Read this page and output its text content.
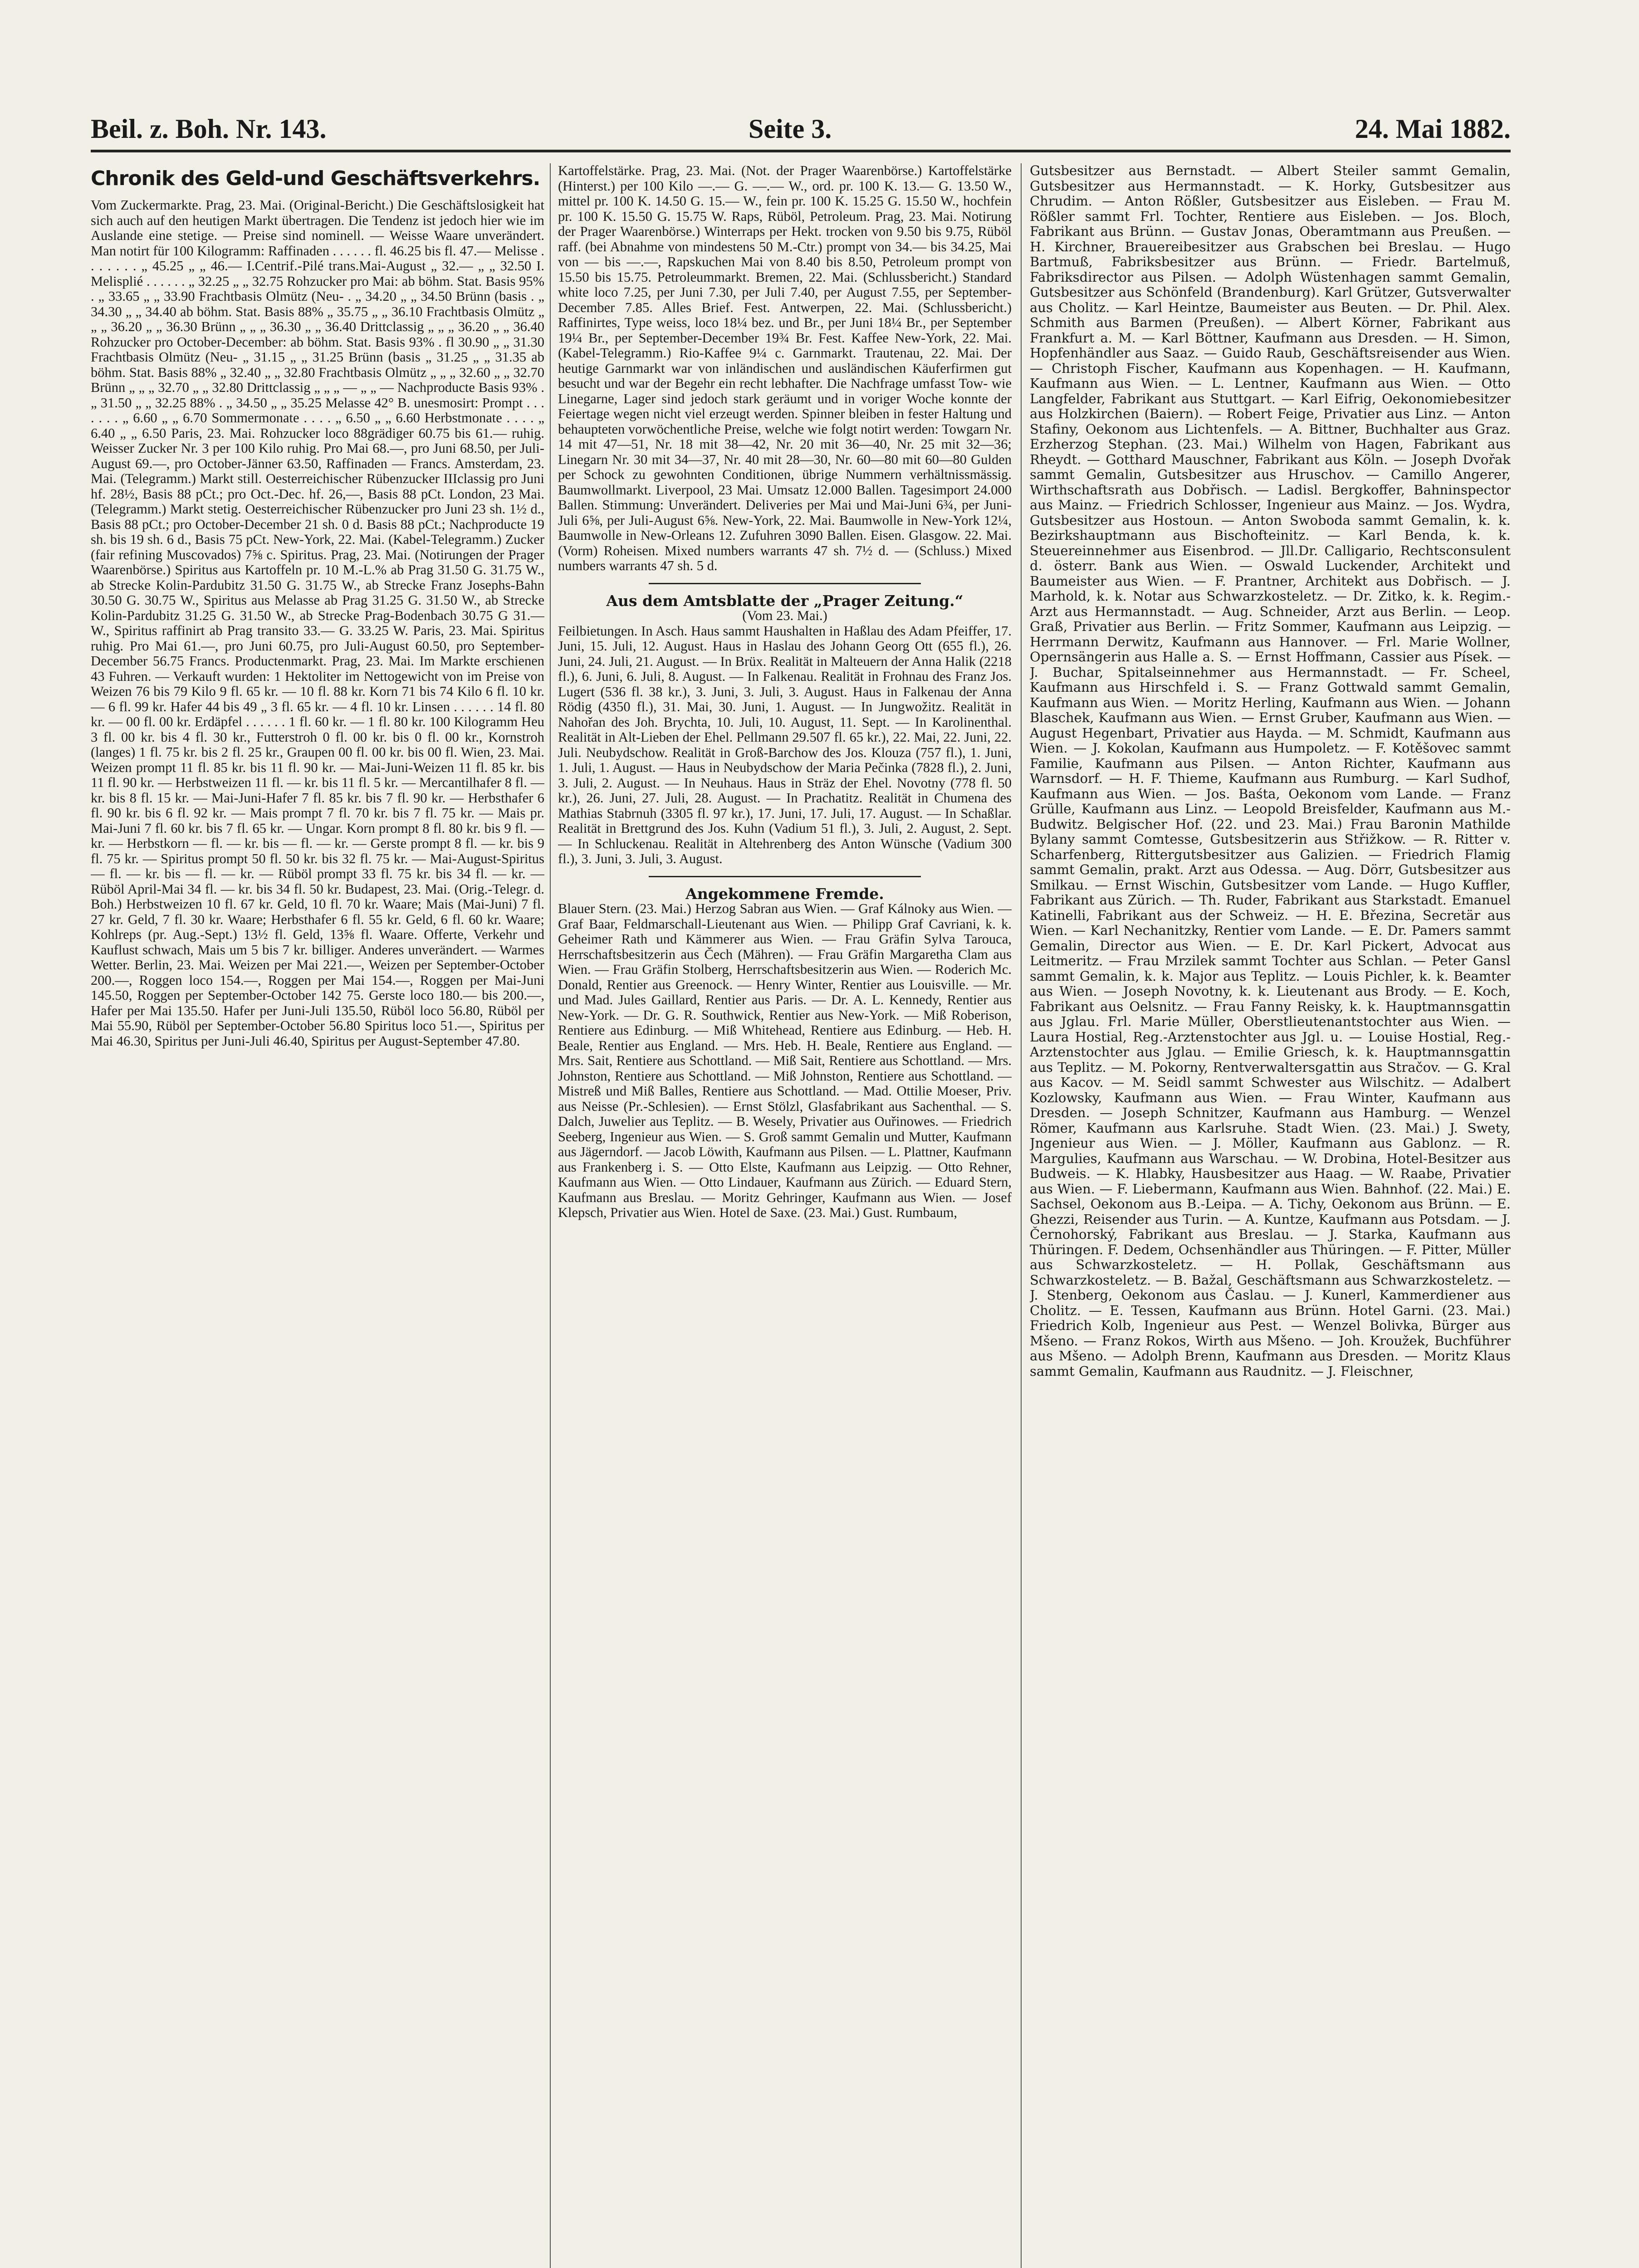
Beil. z. Boh. Nr. 143.	Seite 3.	24. Mai 1882.

Chronik des Geld-und Geschäftsverkehrs.

Vom Zuckermarkte. Prag, 23. Mai. (Original-Bericht.) Die Geschäftslosigkeit hat sich auch auf den heutigen Markt übertragen. Die Tendenz ist jedoch hier wie im Auslande eine stetige. — Preise sind nominell. — Weisse Waare unverändert. Man notirt für 100 Kilogramm: Raffinaden . . . . . . fl. 46.25 bis fl. 47.— Melisse . . . . . . . „ 45.25 „ „ 46.— I.Centrif.-Pilé trans.Mai-August „ 32.— „ „ 32.50 I. Melisplié . . . . . . „ 32.25 „ „ 32.75 Rohzucker pro Mai: ab böhm. Stat. Basis 95% . „ 33.65 „ „ 33.90 Frachtbasis Olmütz (Neu- . „ 34.20 „ „ 34.50 Brünn (basis . „ 34.30 „ „ 34.40 ab böhm. Stat. Basis 88% „ 35.75 „ „ 36.10 Frachtbasis Olmütz „ „ „ 36.20 „ „ 36.30 Brünn „ „ „ 36.30 „ „ 36.40 Drittclassig „ „ „ 36.20 „ „ 36.40 Rohzucker pro October-December: ab böhm. Stat. Basis 93% . fl 30.90 „ „ 31.30 Frachtbasis Olmütz (Neu- „ 31.15 „ „ 31.25 Brünn (basis „ 31.25 „ „ 31.35 ab böhm. Stat. Basis 88% „ 32.40 „ „ 32.80 Frachtbasis Olmütz „ „ „ 32.60 „ „ 32.70 Brünn „ „ „ 32.70 „ „ 32.80 Drittclassig „ „ „ — „ „ — Nachproducte Basis 93% . „ 31.50 „ „ 32.25 88% . „ 34.50 „ „ 35.25 Melasse 42° B. unesmosirt: Prompt . . . . . . . „ 6.60 „ „ 6.70 Sommermonate . . . . „ 6.50 „ „ 6.60 Herbstmonate . . . . „ 6.40 „ „ 6.50 Paris, 23. Mai. Rohzucker loco 88grädiger 60.75 bis 61.— ruhig. Weisser Zucker Nr. 3 per 100 Kilo ruhig. Pro Mai 68.—, pro Juni 68.50, per Juli-August 69.—, pro October-Jänner 63.50, Raffinaden — Francs. Amsterdam, 23. Mai. (Telegramm.) Markt still. Oesterreichischer Rübenzucker IIIclassig pro Juni hf. 28½, Basis 88 pCt.; pro Oct.-Dec. hf. 26,—, Basis 88 pCt. London, 23 Mai. (Telegramm.) Markt stetig. Oesterreichischer Rübenzucker pro Juni 23 sh. 1½ d., Basis 88 pCt.; pro October-December 21 sh. 0 d. Basis 88 pCt.; Nachproducte 19 sh. bis 19 sh. 6 d., Basis 75 pCt. New-York, 22. Mai. (Kabel-Telegramm.) Zucker (fair refining Muscovados) 7⅝ c. Spiritus. Prag, 23. Mai. (Notirungen der Prager Waarenbörse.) Spiritus aus Kartoffeln pr. 10 M.-L.% ab Prag 31.50 G. 31.75 W., ab Strecke Kolin-Pardubitz 31.50 G. 31.75 W., ab Strecke Franz Josephs-Bahn 30.50 G. 30.75 W., Spiritus aus Melasse ab Prag 31.25 G. 31.50 W., ab Strecke Kolin-Pardubitz 31.25 G. 31.50 W., ab Strecke Prag-Bodenbach 30.75 G 31.— W., Spiritus raffinirt ab Prag transito 33.— G. 33.25 W. Paris, 23. Mai. Spiritus ruhig. Pro Mai 61.—, pro Juni 60.75, pro Juli-August 60.50, pro September-December 56.75 Francs. Productenmarkt. Prag, 23. Mai. Im Markte erschienen 43 Fuhren. — Verkauft wurden: 1 Hektoliter im Nettogewicht von im Preise von Weizen 76 bis 79 Kilo 9 fl. 65 kr. — 10 fl. 88 kr. Korn 71 bis 74 Kilo 6 fl. 10 kr. — 6 fl. 99 kr. Hafer 44 bis 49 „ 3 fl. 65 kr. — 4 fl. 10 kr. Linsen . . . . . . 14 fl. 80 kr. — 00 fl. 00 kr. Erdäpfel . . . . . . 1 fl. 60 kr. — 1 fl. 80 kr. 100 Kilogramm Heu 3 fl. 00 kr. bis 4 fl. 30 kr., Futterstroh 0 fl. 00 kr. bis 0 fl. 00 kr., Kornstroh (langes) 1 fl. 75 kr. bis 2 fl. 25 kr., Graupen 00 fl. 00 kr. bis 00 fl. Wien, 23. Mai. Weizen prompt 11 fl. 85 kr. bis 11 fl. 90 kr. — Mai-Juni-Weizen 11 fl. 85 kr. bis 11 fl. 90 kr. — Herbstweizen 11 fl. — kr. bis 11 fl. 5 kr. — Mercantilhafer 8 fl. — kr. bis 8 fl. 15 kr. — Mai-Juni-Hafer 7 fl. 85 kr. bis 7 fl. 90 kr. — Herbsthafer 6 fl. 90 kr. bis 6 fl. 92 kr. — Mais prompt 7 fl. 70 kr. bis 7 fl. 75 kr. — Mais pr. Mai-Juni 7 fl. 60 kr. bis 7 fl. 65 kr. — Ungar. Korn prompt 8 fl. 80 kr. bis 9 fl. — kr. — Herbstkorn — fl. — kr. bis — fl. — kr. — Gerste prompt 8 fl. — kr. bis 9 fl. 75 kr. — Spiritus prompt 50 fl. 50 kr. bis 32 fl. 75 kr. — Mai-August-Spiritus — fl. — kr. bis — fl. — kr. — Rüböl prompt 33 fl. 75 kr. bis 34 fl. — kr. — Rüböl April-Mai 34 fl. — kr. bis 34 fl. 50 kr. Budapest, 23. Mai. (Orig.-Telegr. d. Boh.) Herbstweizen 10 fl. 67 kr. Geld, 10 fl. 70 kr. Waare; Mais (Mai-Juni) 7 fl. 27 kr. Geld, 7 fl. 30 kr. Waare; Herbsthafer 6 fl. 55 kr. Geld, 6 fl. 60 kr. Waare; Kohlreps (pr. Aug.-Sept.) 13½ fl. Geld, 13⅝ fl. Waare. Offerte, Verkehr und Kauflust schwach, Mais um 5 bis 7 kr. billiger. Anderes unverändert. — Warmes Wetter. Berlin, 23. Mai. Weizen per Mai 221.—, Weizen per September-October 200.—, Roggen loco 154.—, Roggen per Mai 154.—, Roggen per Mai-Juni 145.50, Roggen per September-October 142 75. Gerste loco 180.— bis 200.—, Hafer per Mai 135.50. Hafer per Juni-Juli 135.50, Rüböl loco 56.80, Rüböl per Mai 55.90, Rüböl per September-October 56.80 Spiritus loco 51.—, Spiritus per Mai 46.30, Spiritus per Juni-Juli 46.40, Spiritus per August-September 47.80.

Kartoffelstärke. Prag, 23. Mai. (Not. der Prager Waarenbörse.) Kartoffelstärke (Hinterst.) per 100 Kilo —.— G. —.— W., ord. pr. 100 K. 13.— G. 13.50 W., mittel pr. 100 K. 14.50 G. 15.— W., fein pr. 100 K. 15.25 G. 15.50 W., hochfein pr. 100 K. 15.50 G. 15.75 W. Raps, Rüböl, Petroleum. Prag, 23. Mai. Notirung der Prager Waarenbörse.) Winterraps per Hekt. trocken von 9.50 bis 9.75, Rüböl raff. (bei Abnahme von mindestens 50 M.-Ctr.) prompt von 34.— bis 34.25, Mai von — bis —.—, Rapskuchen Mai von 8.40 bis 8.50, Petroleum prompt von 15.50 bis 15.75. Petroleummarkt. Bremen, 22. Mai. (Schlussbericht.) Standard white loco 7.25, per Juni 7.30, per Juli 7.40, per August 7.55, per September-December 7.85. Alles Brief. Fest. Antwerpen, 22. Mai. (Schlussbericht.) Raffinirtes, Type weiss, loco 18¼ bez. und Br., per Juni 18¼ Br., per September 19¼ Br., per September-December 19¾ Br. Fest. Kaffee New-York, 22. Mai. (Kabel-Telegramm.) Rio-Kaffee 9¼ c. Garnmarkt. Trautenau, 22. Mai. Der heutige Garnmarkt war von inländischen und ausländischen Käuferfirmen gut besucht und war der Begehr ein recht lebhafter. Die Nachfrage umfasst Tow- wie Linegarne, Lager sind jedoch stark geräumt und in voriger Woche konnte der Feiertage wegen nicht viel erzeugt werden. Spinner bleiben in fester Haltung und behaupteten vorwöchentliche Preise, welche wie folgt notirt werden: Towgarn Nr. 14 mit 47—51, Nr. 18 mit 38—42, Nr. 20 mit 36—40, Nr. 25 mit 32—36; Linegarn Nr. 30 mit 34—37, Nr. 40 mit 28—30, Nr. 60—80 mit 60—80 Gulden per Schock zu gewohnten Conditionen, übrige Nummern verhältnissmässig. Baumwollmarkt. Liverpool, 23 Mai. Umsatz 12.000 Ballen. Tagesimport 24.000 Ballen. Stimmung: Unverändert. Deliveries per Mai und Mai-Juni 6¾, per Juni-Juli 6⅝, per Juli-August 6⅝. New-York, 22. Mai. Baumwolle in New-York 12¼, Baumwolle in New-Orleans 12. Zufuhren 3090 Ballen. Eisen. Glasgow. 22. Mai. (Vorm) Roheisen. Mixed numbers warrants 47 sh. 7½ d. — (Schluss.) Mixed numbers warrants 47 sh. 5 d.

Aus dem Amtsblatte der „Prager Zeitung.“

(Vom 23. Mai.)

Feilbietungen. In Asch. Haus sammt Haushalten in Haßlau des Adam Pfeiffer, 17. Juni, 15. Juli, 12. August. Haus in Haslau des Johann Georg Ott (655 fl.), 26. Juni, 24. Juli, 21. August. — In Brüx. Realität in Malteuern der Anna Halik (2218 fl.), 6. Juni, 6. Juli, 8. August. — In Falkenau. Realität in Frohnau des Franz Jos. Lugert (536 fl. 38 kr.), 3. Juni, 3. Juli, 3. August. Haus in Falkenau der Anna Rödig (4350 fl.), 31. Mai, 30. Juni, 1. August. — In Jungwožitz. Realität in Nahořan des Joh. Brychta, 10. Juli, 10. August, 11. Sept. — In Karolinenthal. Realität in Alt-Lieben der Ehel. Pellmann 29.507 fl. 65 kr.), 22. Mai, 22. Juni, 22. Juli. Neubydschow. Realität in Groß-Barchow des Jos. Klouza (757 fl.), 1. Juni, 1. Juli, 1. August. — Haus in Neubydschow der Maria Pečinka (7828 fl.), 2. Juni, 3. Juli, 2. August. — In Neuhaus. Haus in Sträz der Ehel. Novotny (778 fl. 50 kr.), 26. Juni, 27. Juli, 28. August. — In Prachatitz. Realität in Chumena des Mathias Stabrnuh (3305 fl. 97 kr.), 17. Juni, 17. Juli, 17. August. — In Schaßlar. Realität in Brettgrund des Jos. Kuhn (Vadium 51 fl.), 3. Juli, 2. August, 2. Sept. — In Schluckenau. Realität in Altehrenberg des Anton Wünsche (Vadium 300 fl.), 3. Juni, 3. Juli, 3. August.

Angekommene Fremde.

Blauer Stern. (23. Mai.) Herzog Sabran aus Wien. — Graf Kálnoky aus Wien. — Graf Baar, Feldmarschall-Lieutenant aus Wien. — Philipp Graf Cavriani, k. k. Geheimer Rath und Kämmerer aus Wien. — Frau Gräfin Sylva Tarouca, Herrschaftsbesitzerin aus Čech (Mähren). — Frau Gräfin Margaretha Clam aus Wien. — Frau Gräfin Stolberg, Herrschaftsbesitzerin aus Wien. — Roderich Mc. Donald, Rentier aus Greenock. — Henry Winter, Rentier aus Louisville. — Mr. und Mad. Jules Gaillard, Rentier aus Paris. — Dr. A. L. Kennedy, Rentier aus New-York. — Dr. G. R. Southwick, Rentier aus New-York. — Miß Roberison, Rentiere aus Edinburg. — Miß Whitehead, Rentiere aus Edinburg. — Heb. H. Beale, Rentier aus England. — Mrs. Heb. H. Beale, Rentiere aus England. — Mrs. Sait, Rentiere aus Schottland. — Miß Sait, Rentiere aus Schottland. — Mrs. Johnston, Rentiere aus Schottland. — Miß Johnston, Rentiere aus Schottland. — Mistreß und Miß Balles, Rentiere aus Schottland. — Mad. Ottilie Moeser, Priv. aus Neisse (Pr.-Schlesien). — Ernst Stölzl, Glasfabrikant aus Sachenthal. — S. Dalch, Juwelier aus Teplitz. — B. Wesely, Privatier aus Ouřinowes. — Friedrich Seeberg, Ingenieur aus Wien. — S. Groß sammt Gemalin und Mutter, Kaufmann aus Jägerndorf. — Jacob Löwith, Kaufmann aus Pilsen. — L. Plattner, Kaufmann aus Frankenberg i. S. — Otto Elste, Kaufmann aus Leipzig. — Otto Rehner, Kaufmann aus Wien. — Otto Lindauer, Kaufmann aus Zürich. — Eduard Stern, Kaufmann aus Breslau. — Moritz Gehringer, Kaufmann aus Wien. — Josef Klepsch, Privatier aus Wien. Hotel de Saxe. (23. Mai.) Gust. Rumbaum,

Gutsbesitzer aus Bernstadt. — Albert Steiler sammt Gemalin, Gutsbesitzer aus Hermannstadt. — K. Horky, Gutsbesitzer aus Chrudim. — Anton Rößler, Gutsbesitzer aus Eisleben. — Frau M. Rößler sammt Frl. Tochter, Rentiere aus Eisleben. — Jos. Bloch, Fabrikant aus Brünn. — Gustav Jonas, Oberamtmann aus Preußen. — H. Kirchner, Brauereibesitzer aus Grabschen bei Breslau. — Hugo Bartmuß, Fabriksbesitzer aus Brünn. — Friedr. Bartelmuß, Fabriksdirector aus Pilsen. — Adolph Wüstenhagen sammt Gemalin, Gutsbesitzer aus Schönfeld (Brandenburg). Karl Grützer, Gutsverwalter aus Cholitz. — Karl Heintze, Baumeister aus Beuten. — Dr. Phil. Alex. Schmith aus Barmen (Preußen). — Albert Körner, Fabrikant aus Frankfurt a. M. — Karl Böttner, Kaufmann aus Dresden. — H. Simon, Hopfenhändler aus Saaz. — Guido Raub, Geschäftsreisender aus Wien. — Christoph Fischer, Kaufmann aus Kopenhagen. — H. Kaufmann, Kaufmann aus Wien. — L. Lentner, Kaufmann aus Wien. — Otto Langfelder, Fabrikant aus Stuttgart. — Karl Eifrig, Oekonomiebesitzer aus Holzkirchen (Baiern). — Robert Feige, Privatier aus Linz. — Anton Stafiny, Oekonom aus Lichtenfels. — A. Bittner, Buchhalter aus Graz. Erzherzog Stephan. (23. Mai.) Wilhelm von Hagen, Fabrikant aus Rheydt. — Gotthard Mauschner, Fabrikant aus Köln. — Joseph Dvořak sammt Gemalin, Gutsbesitzer aus Hruschov. — Camillo Angerer, Wirthschaftsrath aus Dobřisch. — Ladisl. Bergkoffer, Bahninspector aus Mainz. — Friedrich Schlosser, Ingenieur aus Mainz. — Jos. Wydra, Gutsbesitzer aus Hostoun. — Anton Swoboda sammt Gemalin, k. k. Bezirkshauptmann aus Bischofteinitz. — Karl Benda, k. k. Steuereinnehmer aus Eisenbrod. — Jll.Dr. Calligario, Rechtsconsulent d. österr. Bank aus Wien. — Oswald Luckender, Architekt und Baumeister aus Wien. — F. Prantner, Architekt aus Dobřisch. — J. Marhold, k. k. Notar aus Schwarzkosteletz. — Dr. Zitko, k. k. Regim.-Arzt aus Hermannstadt. — Aug. Schneider, Arzt aus Berlin. — Leop. Graß, Privatier aus Berlin. — Fritz Sommer, Kaufmann aus Leipzig. — Herrmann Derwitz, Kaufmann aus Hannover. — Frl. Marie Wollner, Opernsängerin aus Halle a. S. — Ernst Hoffmann, Cassier aus Písek. — J. Buchar, Spitalseinnehmer aus Hermannstadt. — Fr. Scheel, Kaufmann aus Hirschfeld i. S. — Franz Gottwald sammt Gemalin, Kaufmann aus Wien. — Moritz Herling, Kaufmann aus Wien. — Johann Blaschek, Kaufmann aus Wien. — Ernst Gruber, Kaufmann aus Wien. — August Hegenbart, Privatier aus Hayda. — M. Schmidt, Kaufmann aus Wien. — J. Kokolan, Kaufmann aus Humpoletz. — F. Kotěšovec sammt Familie, Kaufmann aus Pilsen. — Anton Richter, Kaufmann aus Warnsdorf. — H. F. Thieme, Kaufmann aus Rumburg. — Karl Sudhof, Kaufmann aus Wien. — Jos. Baśta, Oekonom vom Lande. — Franz Grülle, Kaufmann aus Linz. — Leopold Breisfelder, Kaufmann aus M.-Budwitz. Belgischer Hof. (22. und 23. Mai.) Frau Baronin Mathilde Bylany sammt Comtesse, Gutsbesitzerin aus Střižkow. — R. Ritter v. Scharfenberg, Rittergutsbesitzer aus Galizien. — Friedrich Flamig sammt Gemalin, prakt. Arzt aus Odessa. — Aug. Dörr, Gutsbesitzer aus Smilkau. — Ernst Wischin, Gutsbesitzer vom Lande. — Hugo Kuffler, Fabrikant aus Zürich. — Th. Ruder, Fabrikant aus Starkstadt. Emanuel Katinelli, Fabrikant aus der Schweiz. — H. E. Březina, Secretär aus Wien. — Karl Nechanitzky, Rentier vom Lande. — E. Dr. Pamers sammt Gemalin, Director aus Wien. — E. Dr. Karl Pickert, Advocat aus Leitmeritz. — Frau Mrzilek sammt Tochter aus Schlan. — Peter Gansl sammt Gemalin, k. k. Major aus Teplitz. — Louis Pichler, k. k. Beamter aus Wien. — Joseph Novotny, k. k. Lieutenant aus Brody. — E. Koch, Fabrikant aus Oelsnitz. — Frau Fanny Reisky, k. k. Hauptmannsgattin aus Jglau. Frl. Marie Müller, Oberstlieutenantstochter aus Wien. — Laura Hostial, Reg.-Arztenstochter aus Jgl. u. — Louise Hostial, Reg.-Arztenstochter aus Jglau. — Emilie Griesch, k. k. Hauptmannsgattin aus Teplitz. — M. Pokorny, Rentverwaltersgattin aus Stračov. — G. Kral aus Kacov. — M. Seidl sammt Schwester aus Wilschitz. — Adalbert Kozlowsky, Kaufmann aus Wien. — Frau Winter, Kaufmann aus Dresden. — Joseph Schnitzer, Kaufmann aus Hamburg. — Wenzel Römer, Kaufmann aus Karlsruhe. Stadt Wien. (23. Mai.) J. Swety, Jngenieur aus Wien. — J. Möller, Kaufmann aus Gablonz. — R. Margulies, Kaufmann aus Warschau. — W. Drobina, Hotel-Besitzer aus Budweis. — K. Hlabky, Hausbesitzer aus Haag. — W. Raabe, Privatier aus Wien. — F. Liebermann, Kaufmann aus Wien. Bahnhof. (22. Mai.) E. Sachsel, Oekonom aus B.-Leipa. — A. Tichy, Oekonom aus Brünn. — E. Ghezzi, Reisender aus Turin. — A. Kuntze, Kaufmann aus Potsdam. — J. Černohorský, Fabrikant aus Breslau. — J. Starka, Kaufmann aus Thüringen. F. Dedem, Ochsenhändler aus Thüringen. — F. Pitter, Müller aus Schwarzkosteletz. — H. Pollak, Geschäftsmann aus Schwarzkosteletz. — B. Bažal, Geschäftsmann aus Schwarzkosteletz. — J. Stenberg, Oekonom aus Časlau. — J. Kunerl, Kammerdiener aus Cholitz. — E. Tessen, Kaufmann aus Brünn. Hotel Garni. (23. Mai.) Friedrich Kolb, Ingenieur aus Pest. — Wenzel Bolivka, Bürger aus Mšeno. — Franz Rokos, Wirth aus Mšeno. — Joh. Kroužek, Buchführer aus Mšeno. — Adolph Brenn, Kaufmann aus Dresden. — Moritz Klaus sammt Gemalin, Kaufmann aus Raudnitz. — J. Fleischner,
